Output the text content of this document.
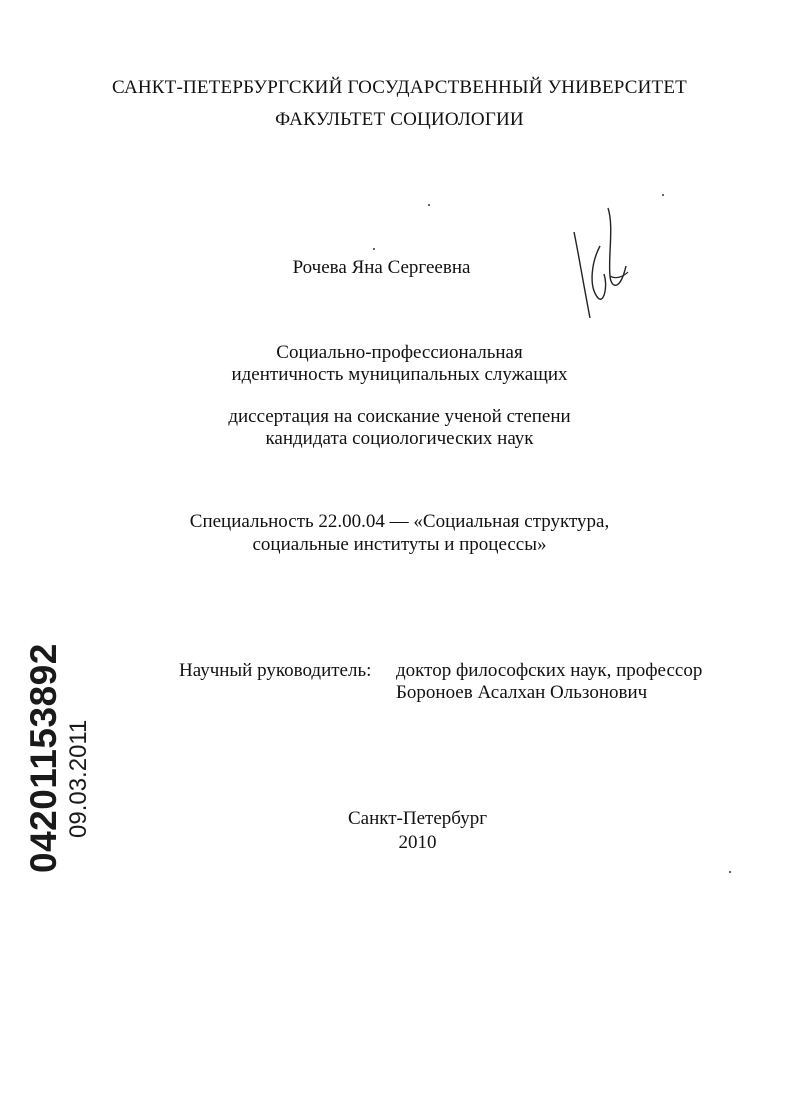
САНКТ-ПЕТЕРБУРГСКИЙ ГОСУДАРСТВЕННЫЙ УНИВЕРСИТЕТ
ФАКУЛЬТЕТ СОЦИОЛОГИИ
Рочева Яна Сергеевна
Социально-профессиональная
идентичность муниципальных служащих
диссертация на соискание ученой степени
кандидата социологических наук
Специальность 22.00.04 — «Социальная структура,
социальные институты и процессы»
Научный руководитель: доктор философских наук, профессор
Бороноев Асалхан Ользонович
Санкт-Петербург
2010
04201153892 09.03.2011
